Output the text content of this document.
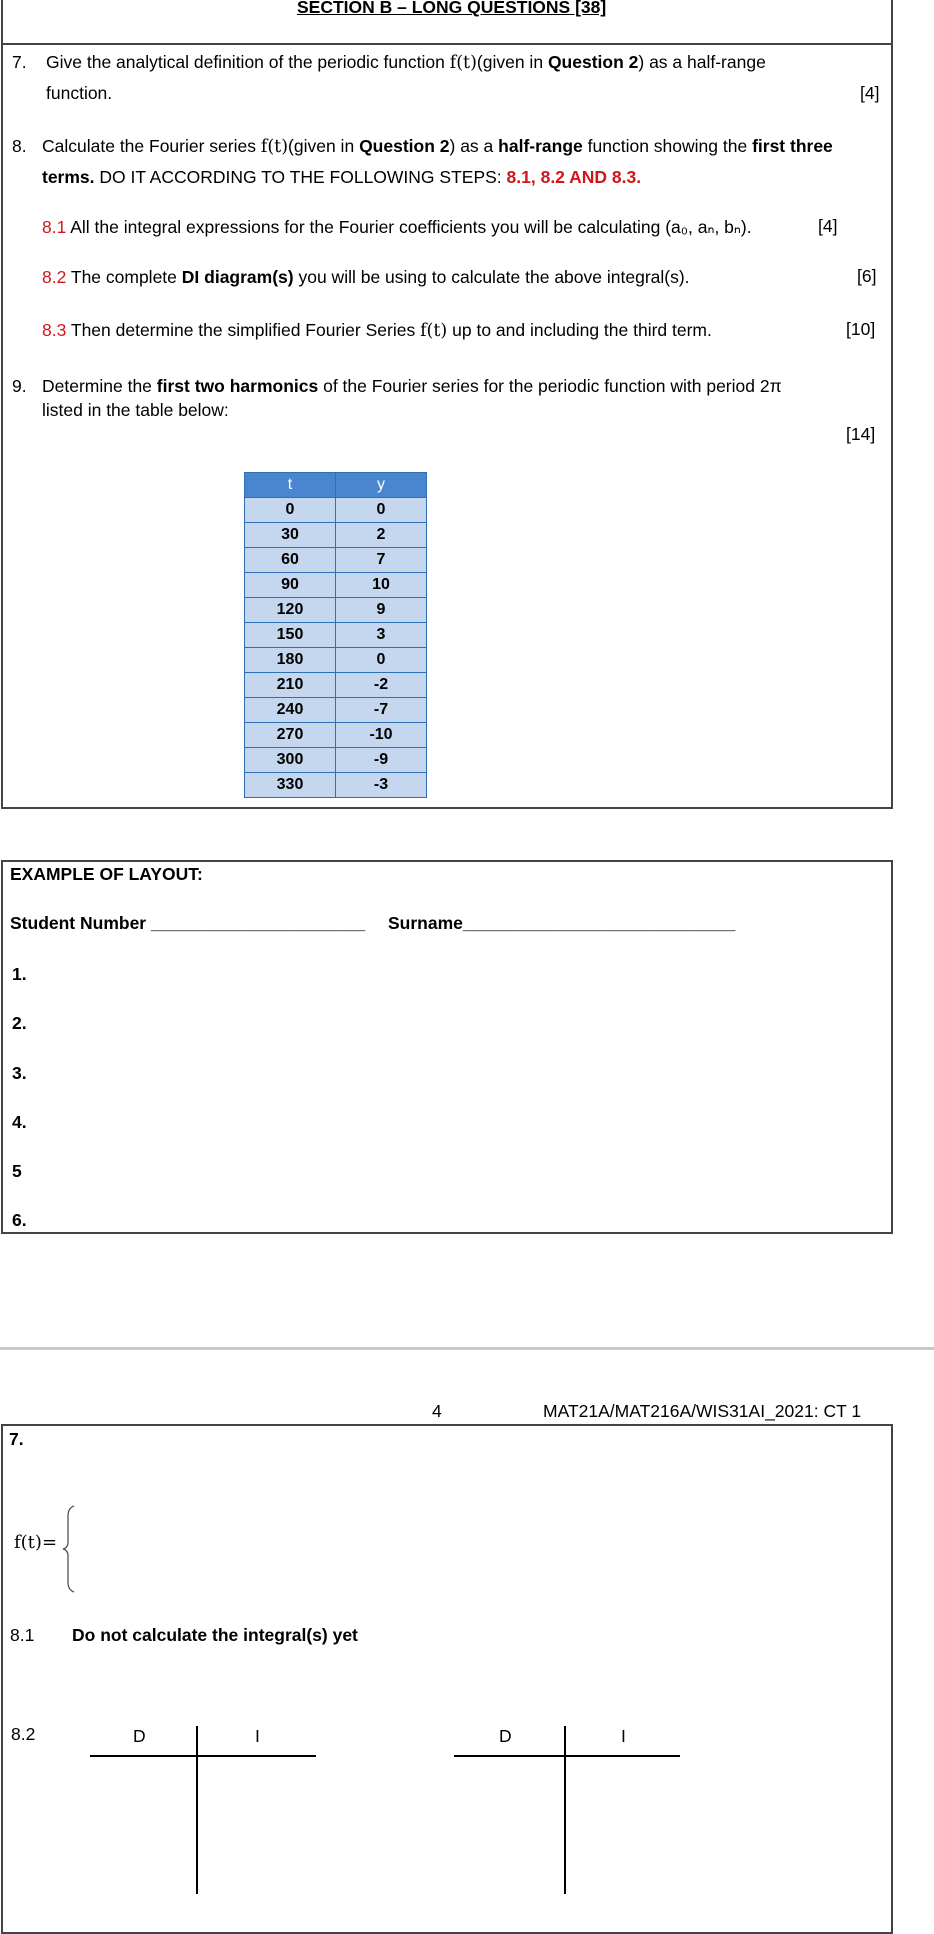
SECTION B – LONG QUESTIONS [38]
7. Give the analytical definition of the periodic function f(t)(given in Question 2) as a half-range
function.	[4]
8. Calculate the Fourier series f(t)(given in Question 2) as a half-range function showing the first three
terms. DO IT ACCORDING TO THE FOLLOWING STEPS: 8.1, 8.2 AND 8.3.
8.1 All the integral expressions for the Fourier coefficients you will be calculating (a₀, aₙ, bₙ).	[4]
8.2 The complete DI diagram(s) you will be using to calculate the above integral(s).	[6]
8.3 Then determine the simplified Fourier Series f(t) up to and including the third term.	[10]
9. Determine the first two harmonics of the Fourier series for the periodic function with period 2π
listed in the table below:
[14]
t	y
0	0
30	2
60	7
90	10
120	9
150	3
180	0
210	-2
240	-7
270	-10
300	-9
330	-3
EXAMPLE OF LAYOUT:
Student Number ______________________ Surname____________________________
1.
2.
3.
4.
5
6.
4	MAT21A/MAT216A/WIS31AI_2021: CT 1
7.
f(t)=
8.1 Do not calculate the integral(s) yet
8.2	D	I	D	I
